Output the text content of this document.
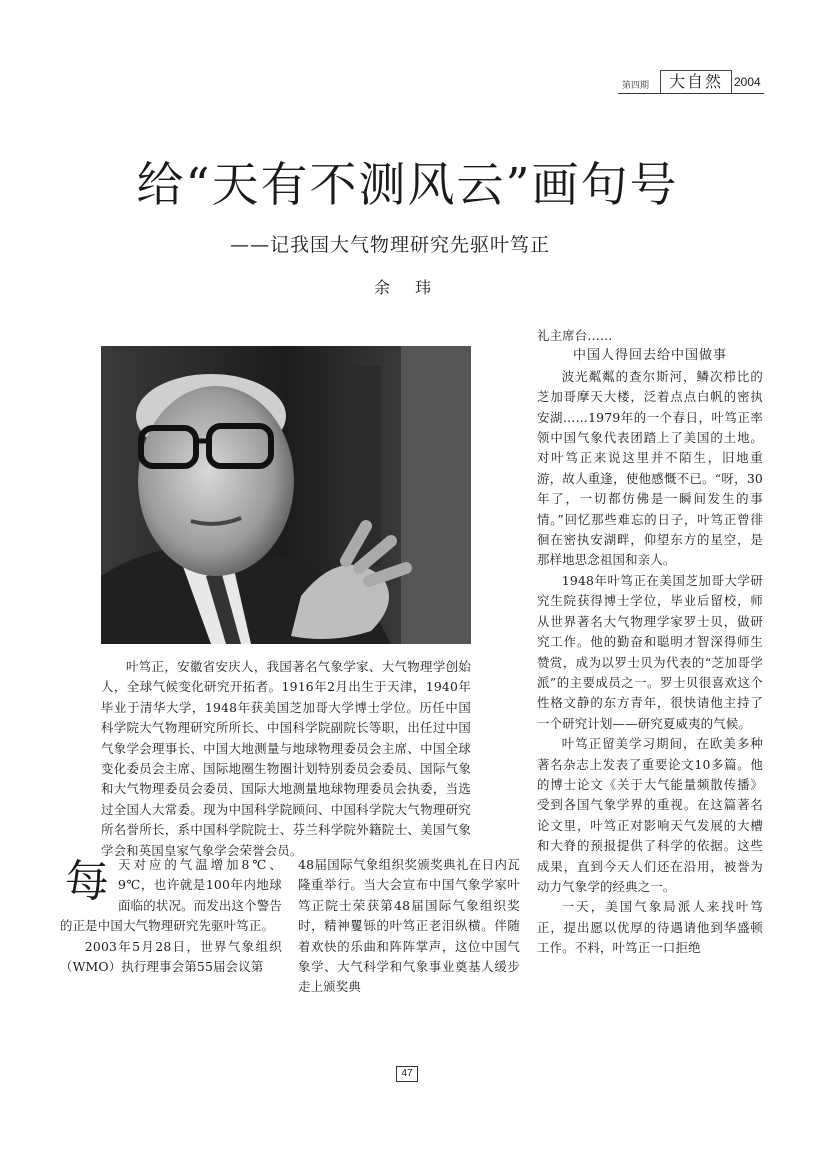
第四期	大自然 2004
给“天有不测风云”画句号
——记我国大气物理研究先驱叶笃正
余 玮
叶笃正，安徽省安庆人，我国著名气象学家、大气物理学创始人，全球气候变化研究开拓者。1916年2月出生于天津，1940年毕业于清华大学，1948年获美国芝加哥大学博士学位。历任中国科学院大气物理研究所所长、中国科学院副院长等职，出任过中国气象学会理事长、中国大地测量与地球物理委员会主席、中国全球变化委员会主席、国际地圈生物圈计划特别委员会委员、国际气象和大气物理委员会委员、国际大地测量地球物理委员会执委，当选过全国人大常委。现为中国科学院顾问、中国科学院大气物理研究所名誉所长，系中国科学院院士、芬兰科学院外籍院士、美国气象学会和英国皇家气象学会荣誉会员。
每 天对应的气温增加8℃、9℃，也许就是100年内地球面临的状况。而发出这个警告的正是中国大气物理研究先驱叶笃正。

2003年5月28日，世界气象组织（WMO）执行理事会第55届会议第

48届国际气象组织奖颁奖典礼在日内瓦隆重举行。当大会宣布中国气象学家叶笃正院士荣获第48届国际气象组织奖时，精神矍铄的叶笃正老泪纵横。伴随着欢快的乐曲和阵阵掌声，这位中国气象学、大气科学和气象事业奠基人缓步走上颁奖典

礼主席台……

中国人得回去给中国做事

波光粼粼的查尔斯河，鳞次栉比的芝加哥摩天大楼，泛着点点白帆的密执安湖……1979年的一个春日，叶笃正率领中国气象代表团踏上了美国的土地。对叶笃正来说这里并不陌生，旧地重游，故人重逢，使他感慨不已。“呀，30年了，一切都仿佛是一瞬间发生的事情。”回忆那些难忘的日子，叶笃正曾徘徊在密执安湖畔，仰望东方的星空，是那样地思念祖国和亲人。

1948年叶笃正在美国芝加哥大学研究生院获得博士学位，毕业后留校，师从世界著名大气物理学家罗士贝，做研究工作。他的勤奋和聪明才智深得师生赞赏，成为以罗士贝为代表的“芝加哥学派”的主要成员之一。罗士贝很喜欢这个性格文静的东方青年，很快请他主持了一个研究计划——研究夏威夷的气候。

叶笃正留美学习期间，在欧美多种著名杂志上发表了重要论文10多篇。他的博士论文《关于大气能量频散传播》受到各国气象学界的重视。在这篇著名论文里，叶笃正对影响天气发展的大槽和大脊的预报提供了科学的依据。这些成果，直到今天人们还在沿用，被誉为动力气象学的经典之一。

一天，美国气象局派人来找叶笃正，提出愿以优厚的待遇请他到华盛顿工作。不料，叶笃正一口拒绝

47
